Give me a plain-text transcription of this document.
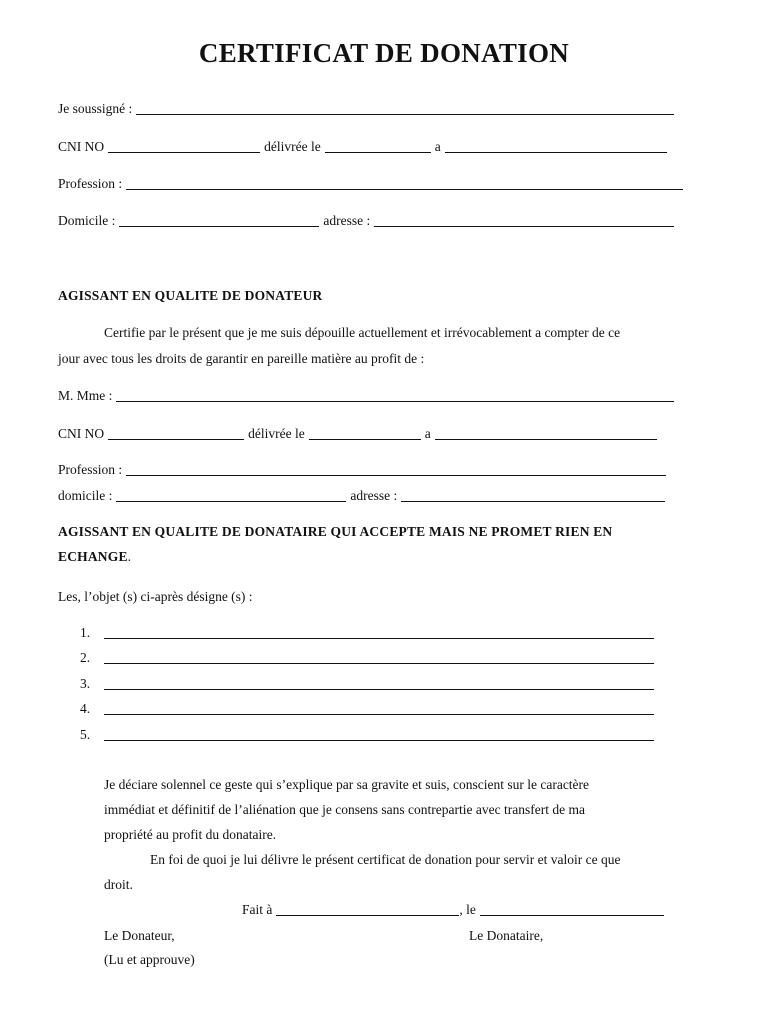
CERTIFICAT DE DONATION
Je soussigné :
CNI NO	délivrée le	a
Profession :
Domicile :	adresse :
AGISSANT EN QUALITE DE DONATEUR
Certifie par le présent que je me suis dépouille actuellement et irrévocablement a compter de ce
jour avec tous les droits de garantir en pareille matière au profit de :
M. Mme :
CNI NO	délivrée le	a
Profession :
domicile :	adresse :
AGISSANT EN QUALITE DE DONATAIRE QUI ACCEPTE MAIS NE PROMET RIEN EN
ECHANGE.
Les, l’objet (s) ci-après désigne (s) :
1.
2.
3.
4.
5.
Je déciare solennel ce geste qui s’explique par sa gravite et suis, conscient sur le caractère
immédiat et définitif de l’aliénation que je consens sans contrepartie avec transfert de ma
propriété au profit du donataire.
En foi de quoi je lui délivre le présent certificat de donation pour servir et valoir ce que
droit.
Fait à	, le
Le Donateur,	Le Donataire,
(Lu et approuve)
